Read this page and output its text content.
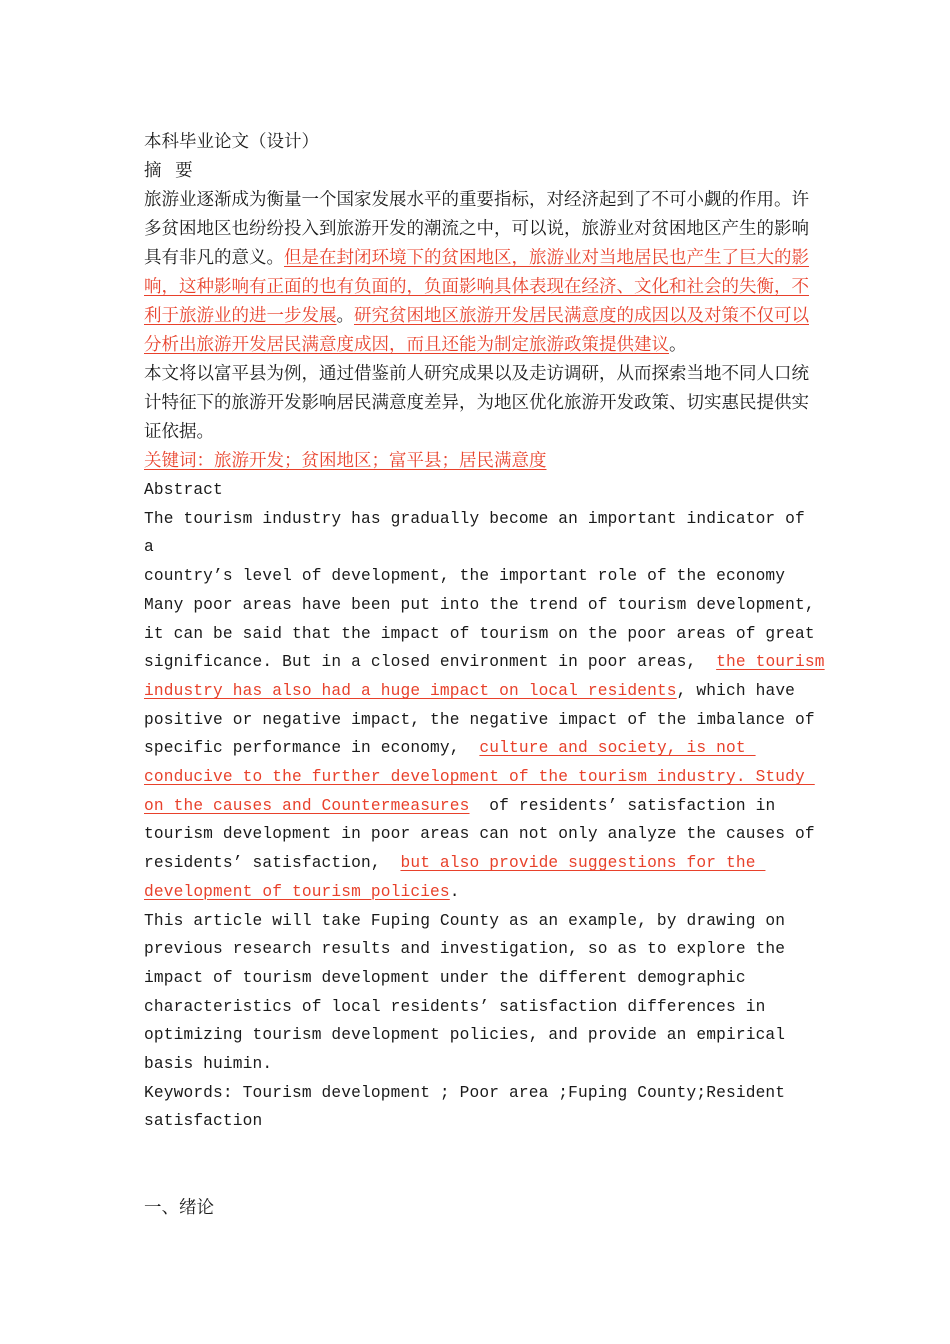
本科毕业论文（设计）

摘 要

旅游业逐渐成为衡量一个国家发展水平的重要指标，对经济起到了不可小觑的作用。许多贫困地区也纷纷投入到旅游开发的潮流之中，可以说，旅游业对贫困地区产生的影响具有非凡的意义。但是在封闭环境下的贫困地区，旅游业对当地居民也产生了巨大的影响，这种影响有正面的也有负面的，负面影响具体表现在经济、文化和社会的失衡，不利于旅游业的进一步发展。研究贫困地区旅游开发居民满意度的成因以及对策不仅可以分析出旅游开发居民满意度成因，而且还能为制定旅游政策提供建议。

本文将以富平县为例，通过借鉴前人研究成果以及走访调研，从而探索当地不同人口统计特征下的旅游开发影响居民满意度差异，为地区优化旅游开发政策、切实惠民提供实证依据。

关键词：旅游开发；贫困地区；富平县；居民满意度

Abstract

The tourism industry has gradually become an important indicator of a

country’s level of development, the important role of the economy

Many poor areas have been put into the trend of tourism development,

it can be said that the impact of tourism on the poor areas of great

significance. But in a closed environment in poor areas,  the tourism

industry has also had a huge impact on local residents, which have

positive or negative impact, the negative impact of the imbalance of

specific performance in economy,  culture and society, is not

conducive to the further development of the tourism industry. Study

on the causes and Countermeasures  of residents’ satisfaction in

tourism development in poor areas can not only analyze the causes of

residents’ satisfaction,  but also provide suggestions for the

development of tourism policies.

This article will take Fuping County as an example, by drawing on

previous research results and investigation, so as to explore the

impact of tourism development under the different demographic

characteristics of local residents’ satisfaction differences in

optimizing tourism development policies, and provide an empirical

basis huimin.

Keywords: Tourism development ; Poor area ;Fuping County;Resident

satisfaction

一、绪论
